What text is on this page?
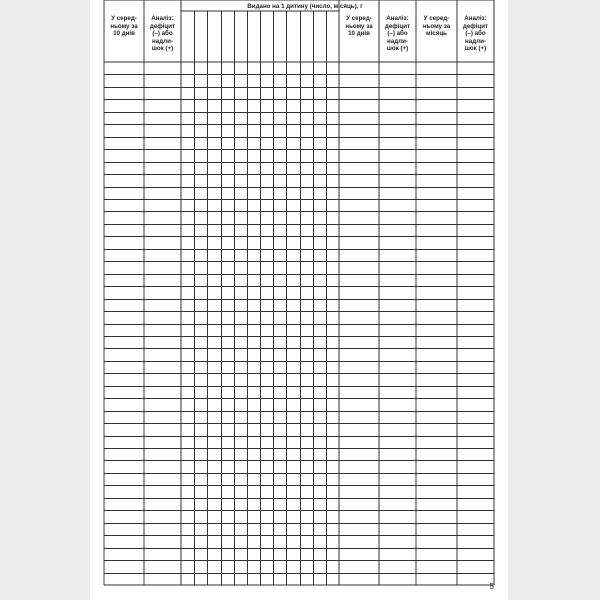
Видано на 1 дитину (число, місяць), г
У серед-
ньому за
10 днів
Аналіз:
дефіцит
(–) або
надли-
шок (+)
У серед-
ньому за
10 днів
Аналіз:
дефіцит
(–) або
надли-
шок (+)
У серед-
ньому за
місяць
Аналіз:
дефіцит
(–) або
надли-
шок (+)
5
